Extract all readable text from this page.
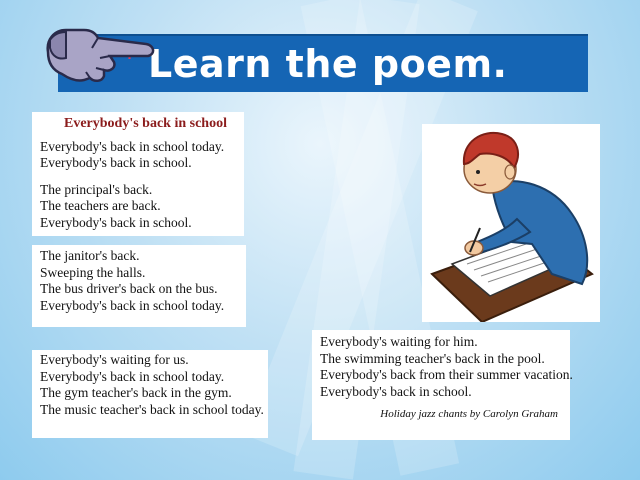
Learn the poem.
Everybody's back in school
Everybody's back in school today.
Everybody's back in school.
The principal's back.
The teachers are back.
Everybody's back in school.
The janitor's back.
Sweeping the halls.
The bus driver's back on the bus.
Everybody's back in school today.
Everybody's waiting for us.
Everybody's back in school today.
The gym teacher's back in the gym.
The music teacher's back in school today.
Everybody's waiting for him.
The swimming teacher's back in the pool.
Everybody's back from their summer vacation.
Everybody's back in school.
Holiday jazz chants by Carolyn Graham
